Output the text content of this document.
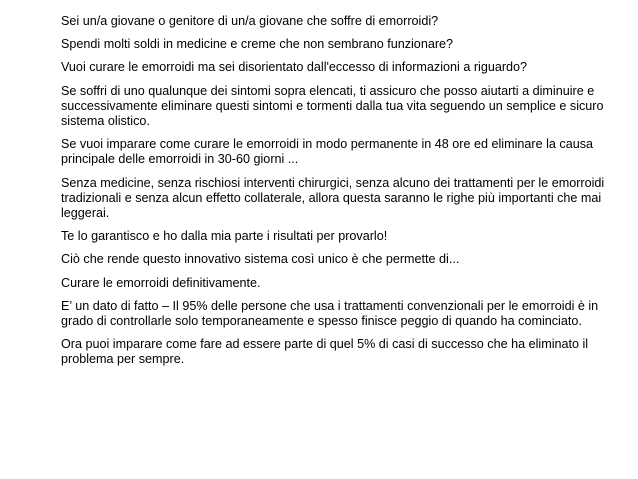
Sei un/a giovane o genitore di un/a giovane che soffre di emorroidi?

Spendi molti soldi in medicine e creme che non sembrano funzionare?

Vuoi curare le emorroidi ma sei disorientato dall'eccesso di informazioni a riguardo?

Se soffri di uno qualunque dei sintomi sopra elencati, ti assicuro che posso aiutarti a diminuire e successivamente eliminare questi sintomi e tormenti dalla tua vita seguendo un semplice e sicuro sistema olistico.

Se vuoi imparare come curare le emorroidi in modo permanente in 48 ore ed eliminare la causa principale delle emorroidi in 30-60 giorni ...

Senza medicine, senza rischiosi interventi chirurgici, senza alcuno dei trattamenti per le emorroidi tradizionali e senza alcun effetto collaterale, allora questa saranno le righe più importanti che mai leggerai.

Te lo garantisco e ho dalla mia parte i risultati per provarlo!

Ciò che rende questo innovativo sistema così unico è che permette di...

Curare le emorroidi definitivamente.

E’ un dato di fatto – Il 95% delle persone che usa i trattamenti convenzionali per le emorroidi è in grado di controllarle solo temporaneamente e spesso finisce peggio di quando ha cominciato.

Ora puoi imparare come fare ad essere parte di quel 5% di casi di successo che ha eliminato il problema per sempre.
